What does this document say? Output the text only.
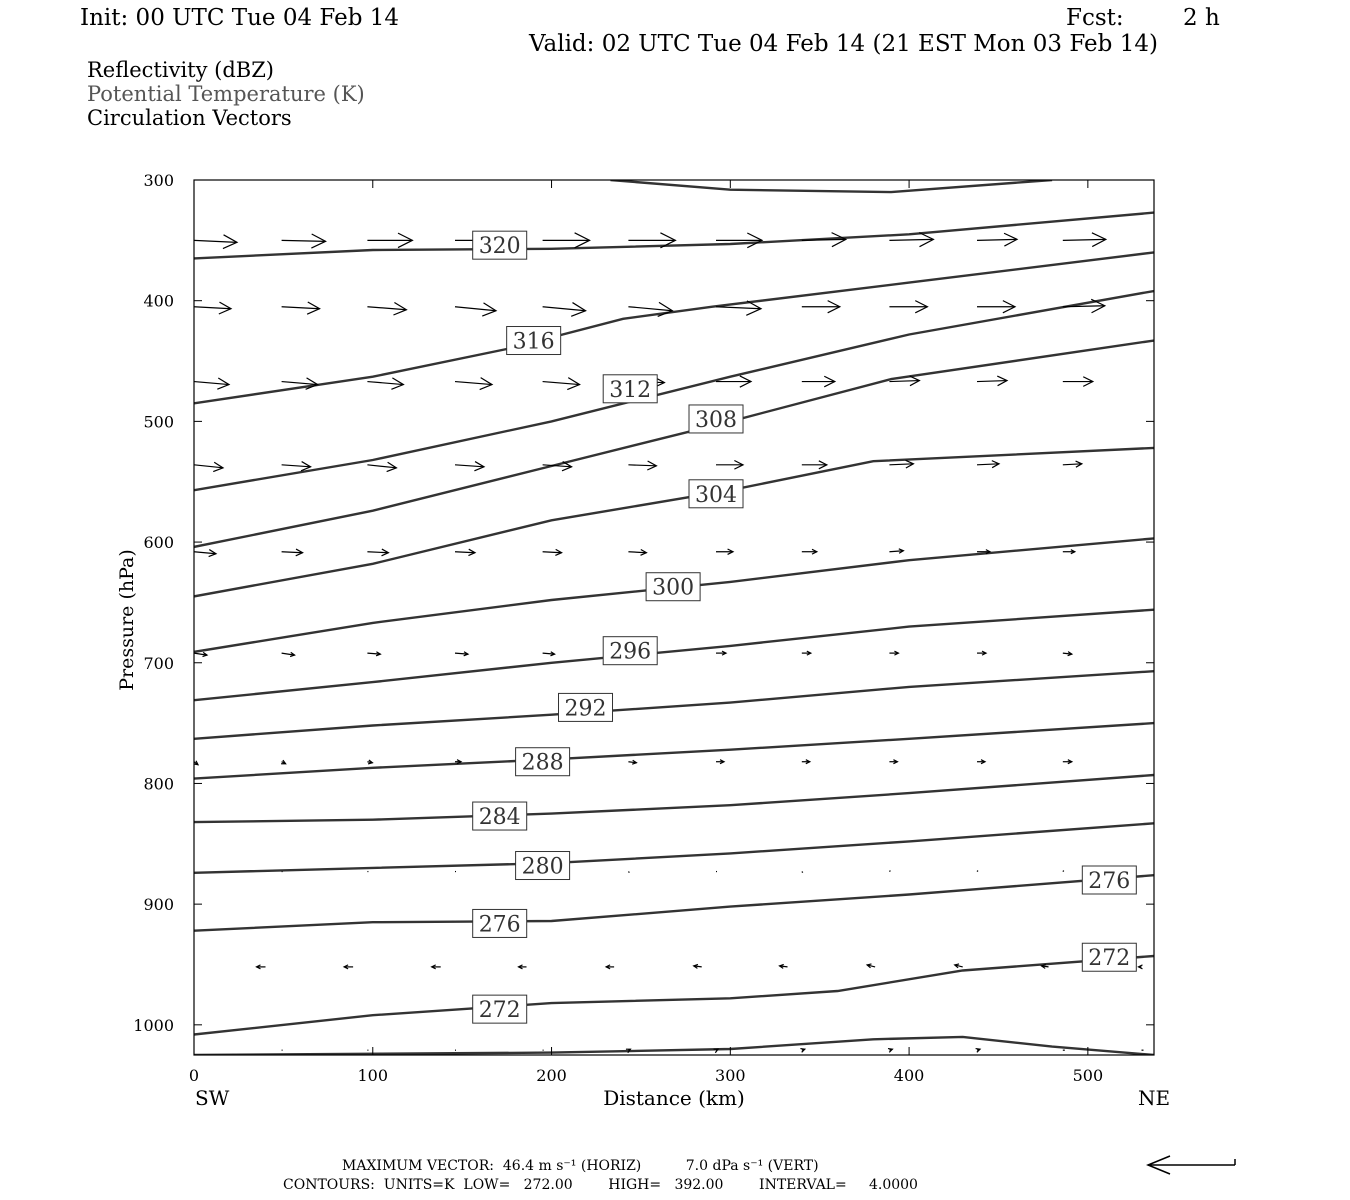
Init: 00 UTC Tue 04 Feb 14	Fcst:	2 h
Valid: 02 UTC Tue 04 Feb 14 (21 EST Mon 03 Feb 14)
Reflectivity (dBZ)
Potential Temperature (K)
Circulation Vectors
320
316
312
308
304
300
296
292
288
284
280
276
276
272
272
0	100	200	300	400	500
300
400
500
600
700
800
900
1000
Distance (km)
SW	NE
Pressure (hPa)
MAXIMUM VECTOR:  46.4 m s⁻¹ (HORIZ)          7.0 dPa s⁻¹ (VERT)
CONTOURS:  UNITS=K  LOW=   272.00        HIGH=   392.00        INTERVAL=     4.0000
